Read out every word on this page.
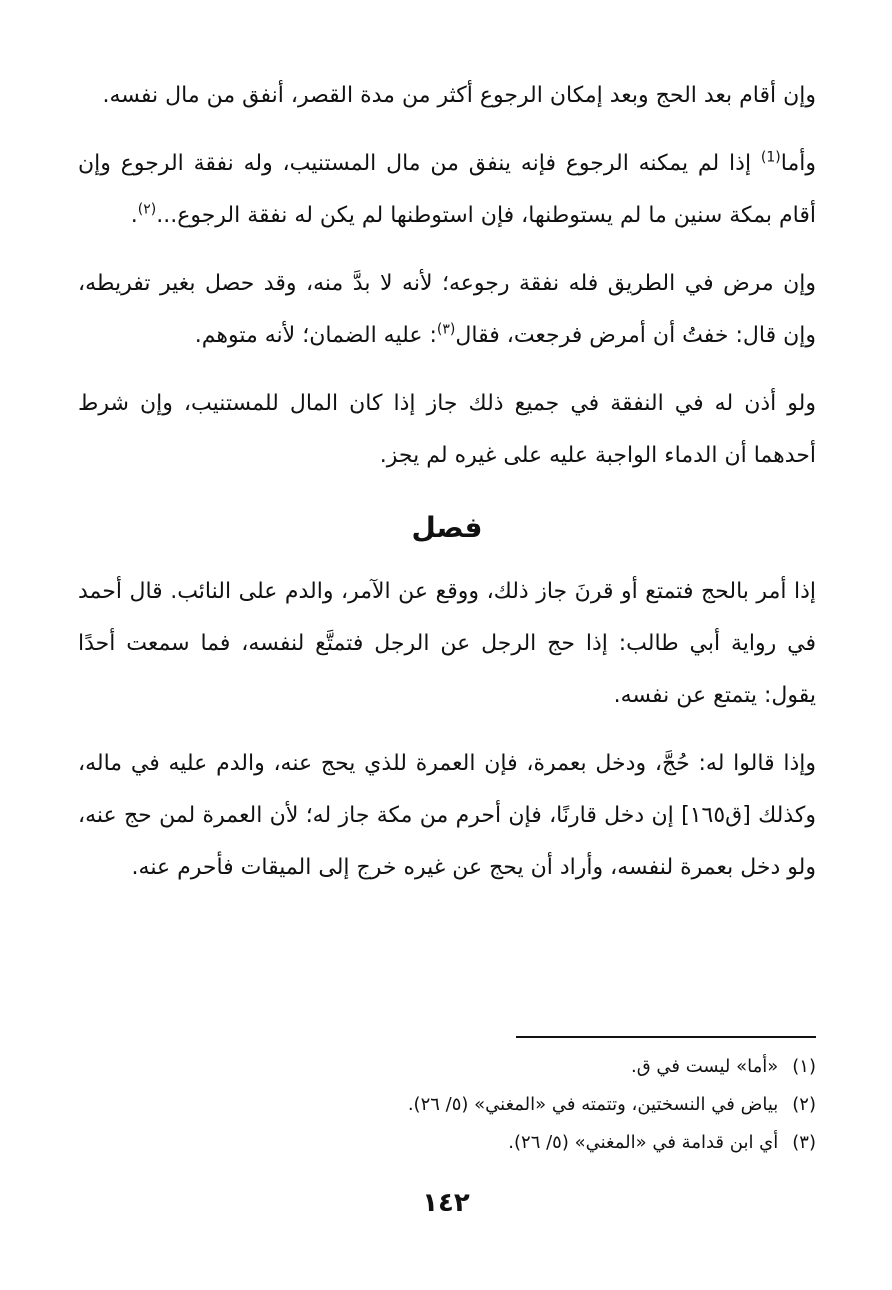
وإن أقام بعد الحج وبعد إمكان الرجوع أكثر من مدة القصر، أنفق من مال نفسه.

وأما$^{(1)}$ إذا لم يمكنه الرجوع فإنه ينفق من مال المستنيب، وله نفقة الرجوع وإن أقام بمكة سنين ما لم يستوطنها، فإن استوطنها لم يكن له نفقة الرجوع...$^{(٢)}$.

وإن مرض في الطريق فله نفقة رجوعه؛ لأنه لا بدَّ منه، وقد حصل بغير تفريطه، وإن قال: خفتُ أن أمرض فرجعت، فقال$^{(٣)}$: عليه الضمان؛ لأنه متوهم.

ولو أذن له في النفقة في جميع ذلك جاز إذا كان المال للمستنيب، وإن شرط أحدهما أن الدماء الواجبة عليه على غيره لم يجز.

فصل

إذا أمر بالحج فتمتع أو قرنَ جاز ذلك، ووقع عن الآمر، والدم على النائب. قال أحمد في رواية أبي طالب: إذا حج الرجل عن الرجل فتمتَّع لنفسه، فما سمعت أحدًا يقول: يتمتع عن نفسه.

وإذا قالوا له: حُجَّ، ودخل بعمرة، فإن العمرة للذي يحج عنه، والدم عليه في ماله، وكذلك [ق١٦٥] إن دخل قارنًا، فإن أحرم من مكة جاز له؛ لأن العمرة لمن حج عنه، ولو دخل بعمرة لنفسه، وأراد أن يحج عن غيره خرج إلى الميقات فأحرم عنه.

(١)«أما» ليست في ق.
(٢)بياض في النسختين، وتتمته في «المغني» (٥/ ٢٦).
(٣)أي ابن قدامة في «المغني» (٥/ ٢٦).
١٤٢
